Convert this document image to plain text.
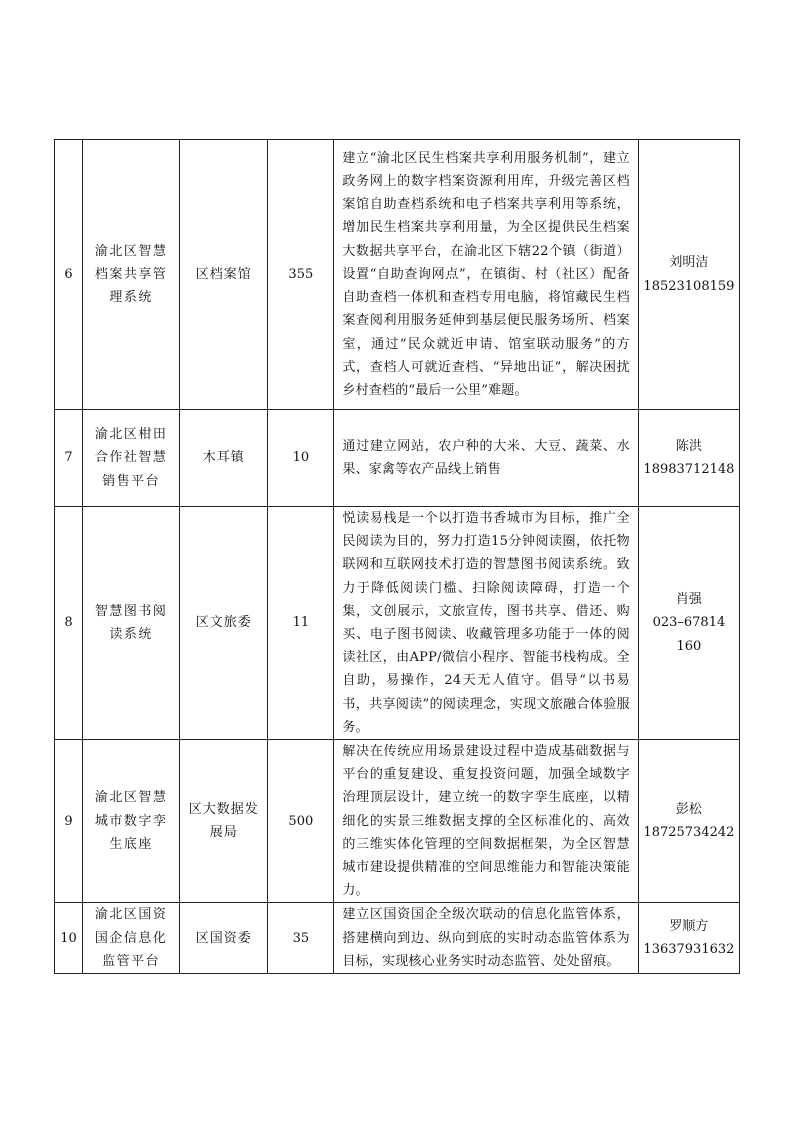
6	渝北区智慧档案共享管理系统	区档案馆	355	建立“渝北区民生档案共享利用服务机制”，建立政务网上的数字档案资源利用库，升级完善区档案馆自助查档系统和电子档案共享利用等系统，增加民生档案共享利用量，为全区提供民生档案大数据共享平台，在渝北区下辖22个镇（街道）设置“自助查询网点”，在镇街、村（社区）配备自助查档一体机和查档专用电脑，将馆藏民生档案查阅利用服务延伸到基层便民服务场所、档案室，通过“民众就近申请、馆室联动服务”的方式，查档人可就近查档、“异地出证”，解决困扰乡村查档的“最后一公里”难题。	刘明洁
18523108159

7	渝北区柑田合作社智慧销售平台	木耳镇	10	通过建立网站，农户种的大米、大豆、蔬菜、水果、家禽等农产品线上销售	陈洪
18983712148

8	智慧图书阅读系统	区文旅委	11	悦读易栈是一个以打造书香城市为目标，推广全民阅读为目的，努力打造15分钟阅读圈，依托物联网和互联网技术打造的智慧图书阅读系统。致力于降低阅读门槛、扫除阅读障碍，打造一个集，文创展示，文旅宣传，图书共享、借还、购买、电子图书阅读、收藏管理多功能于一体的阅读社区，由APP/微信小程序、智能书栈构成。全自助，易操作，24天无人值守。倡导“以书易书，共享阅读”的阅读理念，实现文旅融合体验服务。	肖强
023–67814160

9	渝北区智慧城市数字孪生底座	区大数据发展局	500	解决在传统应用场景建设过程中造成基础数据与平台的重复建设、重复投资问题，加强全域数字治理顶层设计，建立统一的数字孪生底座，以精细化的实景三维数据支撑的全区标准化的、高效的三维实体化管理的空间数据框架，为全区智慧城市建设提供精准的空间思维能力和智能决策能力。	彭松
18725734242

10	渝北区国资国企信息化监管平台	区国资委	35	建立区国资国企全级次联动的信息化监管体系，搭建横向到边、纵向到底的实时动态监管体系为目标，实现核心业务实时动态监管、处处留痕。	罗顺方
13637931632
